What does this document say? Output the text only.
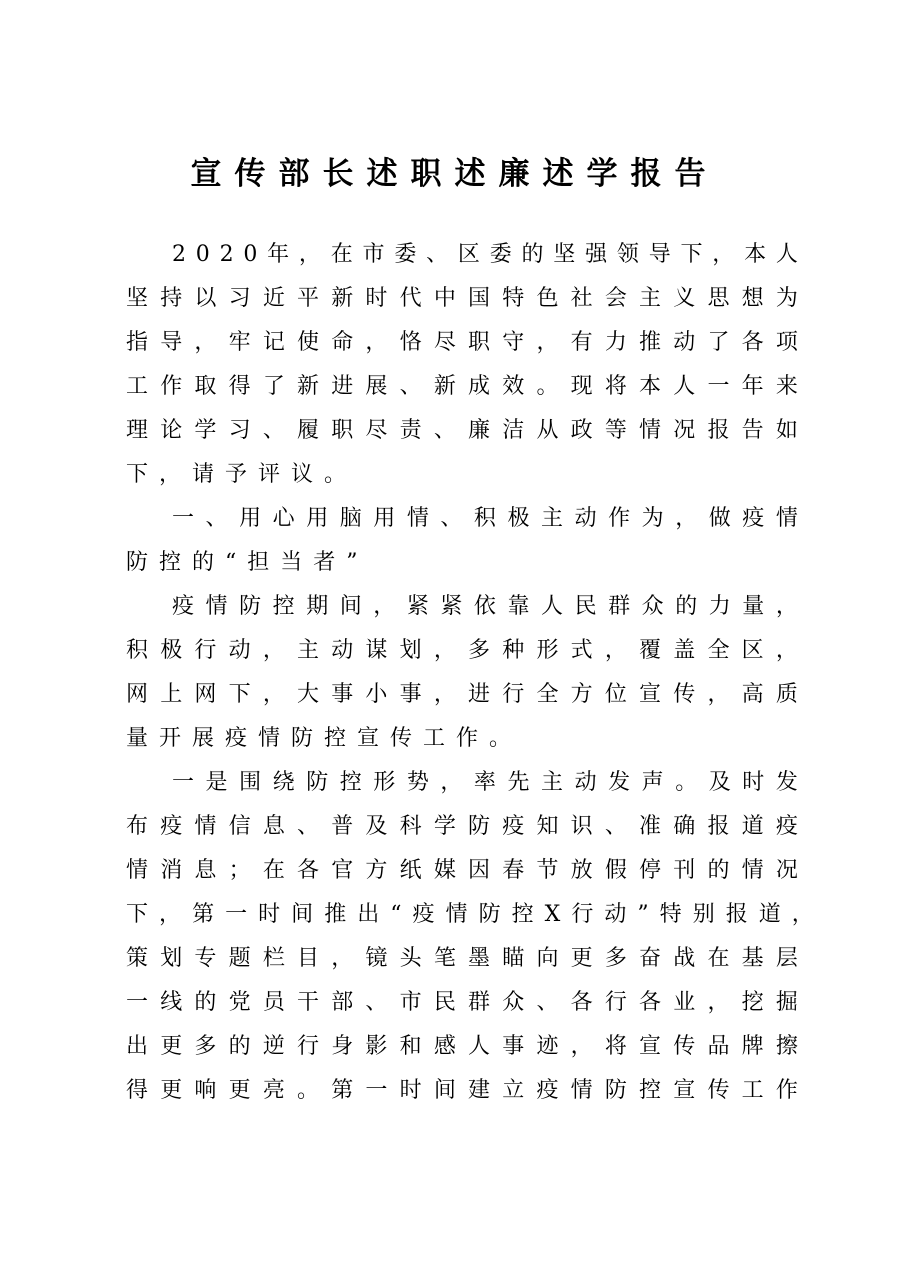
宣传部长述职述廉述学报告
2 0 2 0 年 ， 在 市 委 、 区 委 的 坚 强 领 导 下 ， 本 人
坚 持 以 习 近 平 新 时 代 中 国 特 色 社 会 主 义 思 想 为
指 导 ， 牢 记 使 命 ， 恪 尽 职 守 ， 有 力 推 动 了 各 项
工 作 取 得 了 新 进 展 、 新 成 效 。 现 将 本 人 一 年 来
理 论 学 习 、 履 职 尽 责 、 廉 洁 从 政 等 情 况 报 告 如
下，请予评议。
一 、 用 心 用 脑 用 情 、 积 极 主 动 作 为 ， 做 疫 情
防控的“担当者”
疫 情 防 控 期 间 ， 紧 紧 依 靠 人 民 群 众 的 力 量 ，
积 极 行 动 ， 主 动 谋 划 ， 多 种 形 式 ， 覆 盖 全 区 ，
网 上 网 下 ， 大 事 小 事 ， 进 行 全 方 位 宣 传 ， 高 质
量开展疫情防控宣传工作。
一 是 围 绕 防 控 形 势 ， 率 先 主 动 发 声 。 及 时 发
布 疫 情 信 息 、 普 及 科 学 防 疫 知 识 、 准 确 报 道 疫
情 消 息 ； 在 各 官 方 纸 媒 因 春 节 放 假 停 刊 的 情 况
下 ， 第 一 时 间 推 出 “ 疫 情 防 控 X 行 动 ” 特 别 报 道 ，
策 划 专 题 栏 目 ， 镜 头 笔 墨 瞄 向 更 多 奋 战 在 基 层
一 线 的 党 员 干 部 、 市 民 群 众 、 各 行 各 业 ， 挖 掘
出 更 多 的 逆 行 身 影 和 感 人 事 迹 ， 将 宣 传 品 牌 擦
得 更 响 更 亮 。 第 一 时 间 建 立 疫 情 防 控 宣 传 工 作
